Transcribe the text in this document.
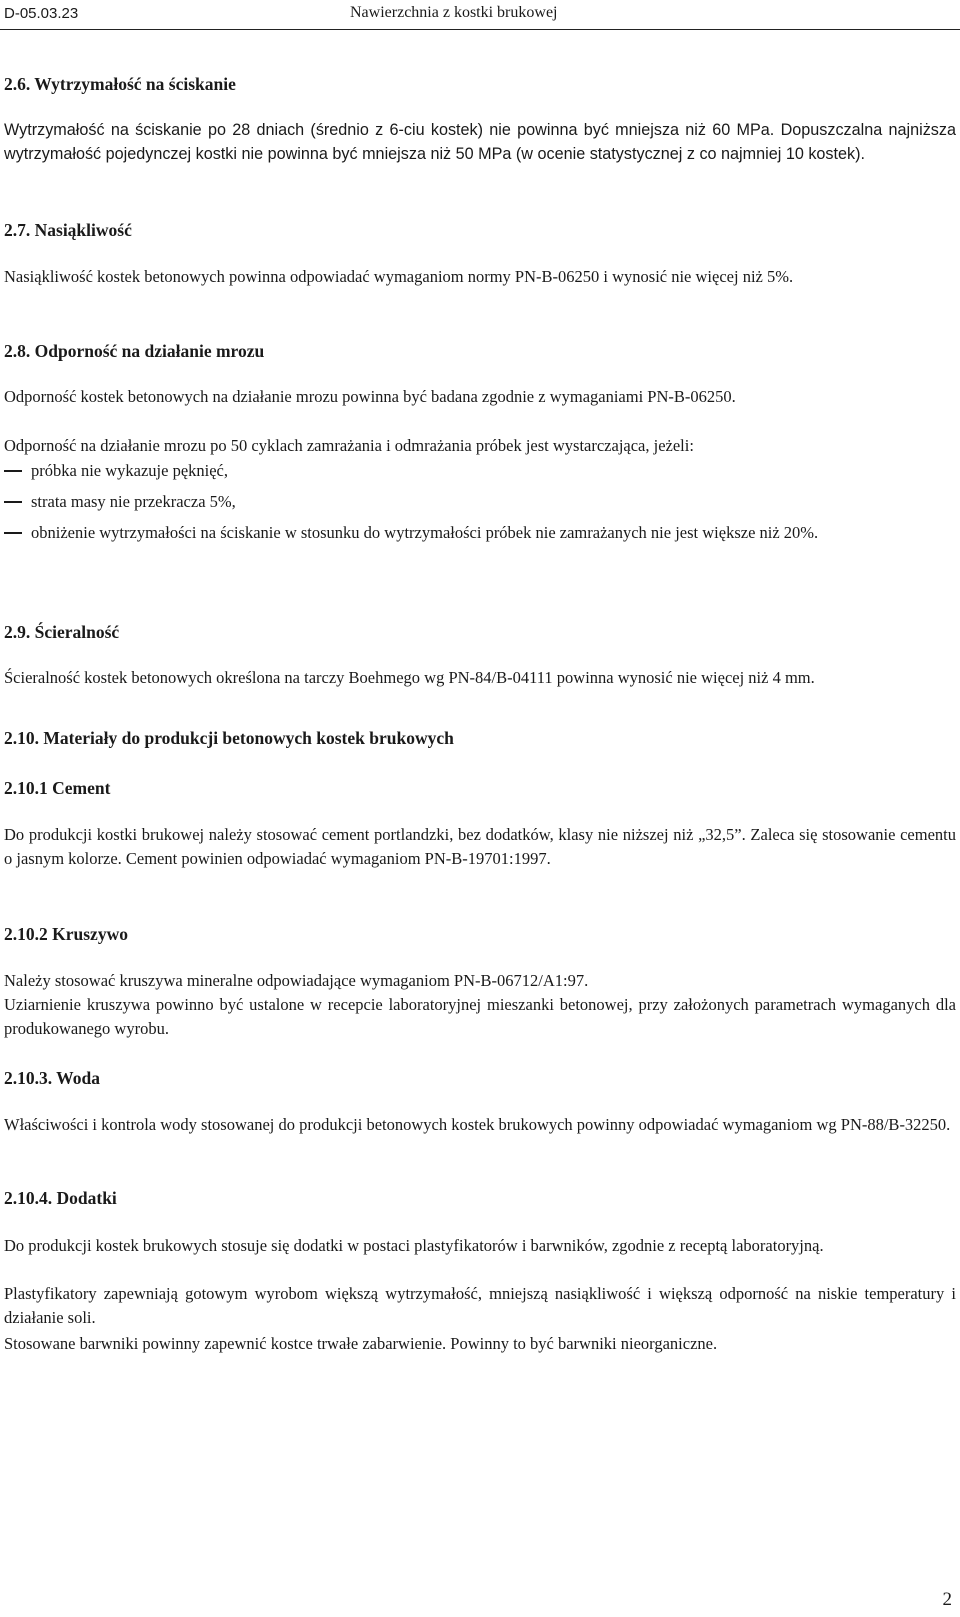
D-05.03.23	Nawierzchnia z kostki brukowej
2.6. Wytrzymałość na ściskanie

Wytrzymałość na ściskanie po 28 dniach (średnio z 6-ciu kostek) nie powinna być mniejsza niż 60 MPa. Dopuszczalna najniższa wytrzymałość pojedynczej kostki nie powinna być mniejsza niż 50 MPa (w ocenie statystycznej z co najmniej 10 kostek).

2.7. Nasiąkliwość

Nasiąkliwość kostek betonowych powinna odpowiadać wymaganiom normy PN-B-06250 i wynosić nie więcej niż 5%.

2.8. Odporność na działanie mrozu

Odporność kostek betonowych na działanie mrozu powinna być badana zgodnie z wymaganiami PN-B-06250.

Odporność na działanie mrozu po 50 cyklach zamrażania i odmrażania próbek jest wystarczająca, jeżeli:

próbka nie wykazuje pęknięć,
strata masy nie przekracza 5%,
obniżenie wytrzymałości na ściskanie w stosunku do wytrzymałości próbek nie zamrażanych nie jest większe niż 20%.
2.9. Ścieralność

Ścieralność kostek betonowych określona na tarczy Boehmego wg PN-84/B-04111 powinna wynosić nie więcej niż 4 mm.

2.10. Materiały do produkcji betonowych kostek brukowych
2.10.1 Cement

Do produkcji kostki brukowej należy stosować cement portlandzki, bez dodatków, klasy nie niższej niż „32,5”. Zaleca się stosowanie cementu o jasnym kolorze. Cement powinien odpowiadać wymaganiom PN-B-19701:1997.

2.10.2 Kruszywo

Należy stosować kruszywa mineralne odpowiadające wymaganiom PN-B-06712/A1:97.

Uziarnienie kruszywa powinno być ustalone w recepcie laboratoryjnej mieszanki betonowej, przy założonych parametrach wymaganych dla produkowanego wyrobu.

2.10.3. Woda

Właściwości i kontrola wody stosowanej do produkcji betonowych kostek brukowych powinny odpowiadać wymaganiom wg PN-88/B-32250.

2.10.4. Dodatki

Do produkcji kostek brukowych stosuje się dodatki w postaci plastyfikatorów i barwników, zgodnie z receptą laboratoryjną.

Plastyfikatory zapewniają gotowym wyrobom większą wytrzymałość, mniejszą nasiąkliwość i większą odporność na niskie temperatury i działanie soli.

Stosowane barwniki powinny zapewnić kostce trwałe zabarwienie. Powinny to być barwniki nieorganiczne.

2
